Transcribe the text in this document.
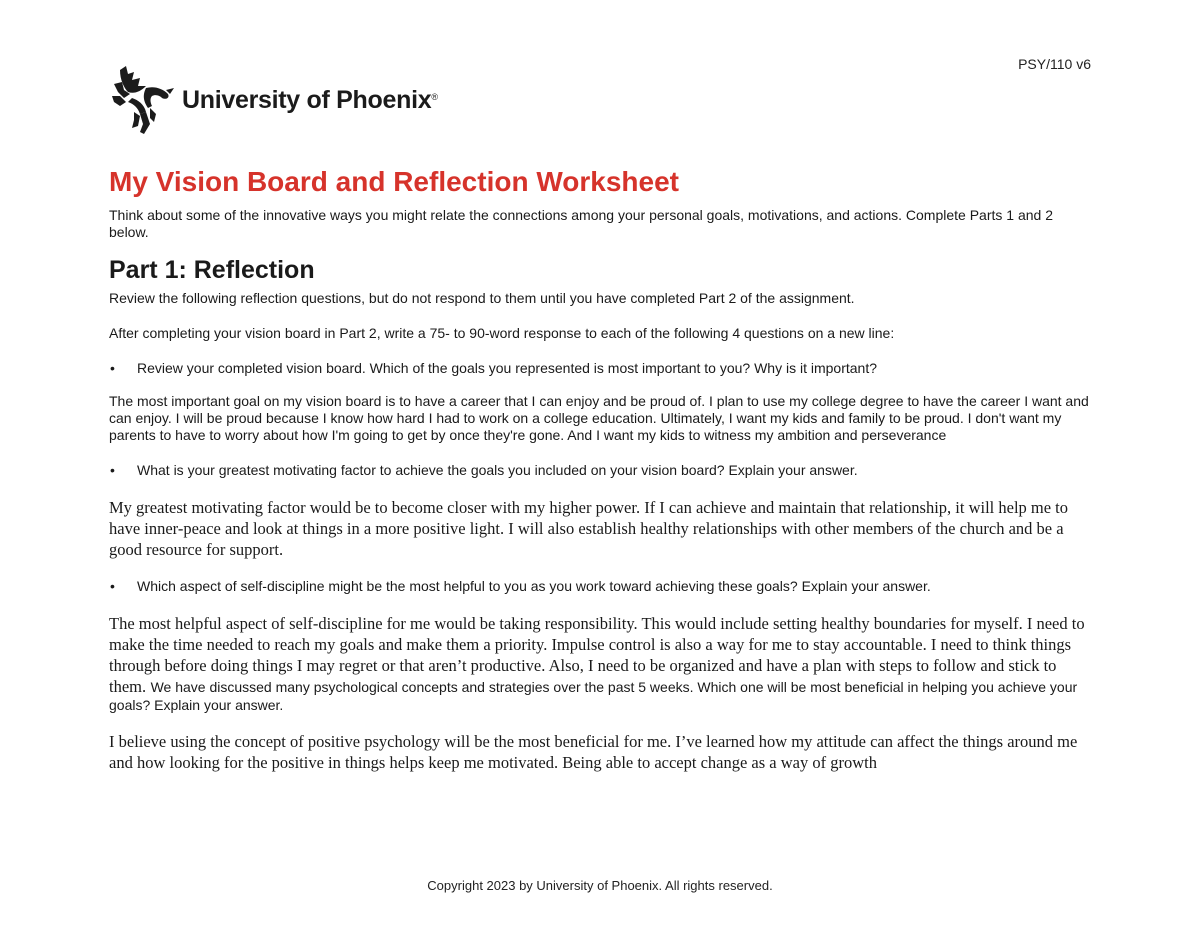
PSY/110 v6
University of Phoenix®
My Vision Board and Reflection Worksheet

Think about some of the innovative ways you might relate the connections among your personal goals, motivations, and actions. Complete Parts 1 and 2 below.

Part 1: Reflection

Review the following reflection questions, but do not respond to them until you have completed Part 2 of the assignment.

After completing your vision board in Part 2, write a 75- to 90-word response to each of the following 4 questions on a new line:

•	Review your completed vision board. Which of the goals you represented is most important to you? Why is it important?

The most important goal on my vision board is to have a career that I can enjoy and be proud of. I plan to use my college degree to have the career I want and can enjoy. I will be proud because I know how hard I had to work on a college education. Ultimately, I want my kids and family to be proud. I don't want my parents to have to worry about how I'm going to get by once they're gone. And I want my kids to witness my ambition and perseverance

•	What is your greatest motivating factor to achieve the goals you included on your vision board? Explain your answer.

My greatest motivating factor would be to become closer with my higher power. If I can achieve and maintain that relationship, it will help me to have inner-peace and look at things in a more positive light. I will also establish healthy relationships with other members of the church and be a good resource for support.

•	Which aspect of self-discipline might be the most helpful to you as you work toward achieving these goals? Explain your answer.

The most helpful aspect of self-discipline for me would be taking responsibility. This would include setting healthy boundaries for myself. I need to make the time needed to reach my goals and make them a priority. Impulse control is also a way for me to stay accountable. I need to think things through before doing things I may regret or that aren’t productive. Also, I need to be organized and have a plan with steps to follow and stick to them. We have discussed many psychological concepts and strategies over the past 5 weeks. Which one will be most beneficial in helping you achieve your goals? Explain your answer.

I believe using the concept of positive psychology will be the most beneficial for me. I’ve learned how my attitude can affect the things around me and how looking for the positive in things helps keep me motivated. Being able to accept change as a way of growth

Copyright 2023 by University of Phoenix. All rights reserved.
